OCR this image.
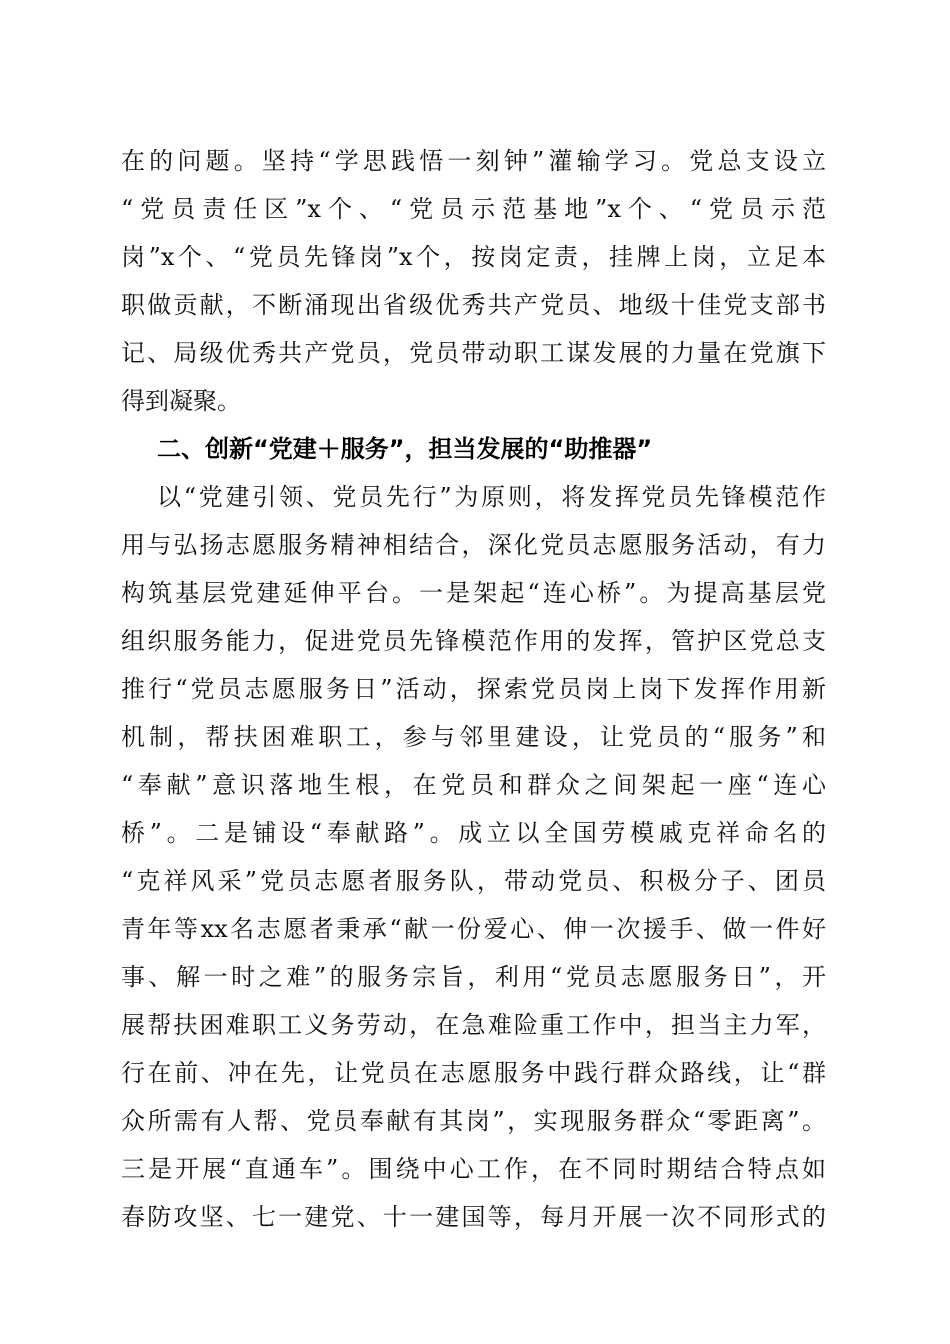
在的问题。坚持“学思践悟一刻钟”灌输学习。党总支设立
“党员责任区”x个、“党员示范基地”x个、“党员示范
岗”x个、“党员先锋岗”x个，按岗定责，挂牌上岗，立足本
职做贡献，不断涌现出省级优秀共产党员、地级十佳党支部书
记、局级优秀共产党员，党员带动职工谋发展的力量在党旗下
得到凝聚。
二、创新“党建＋服务”，担当发展的“助推器”
以“党建引领、党员先行”为原则，将发挥党员先锋模范作
用与弘扬志愿服务精神相结合，深化党员志愿服务活动，有力
构筑基层党建延伸平台。一是架起“连心桥”。为提高基层党
组织服务能力，促进党员先锋模范作用的发挥，管护区党总支
推行“党员志愿服务日”活动，探索党员岗上岗下发挥作用新
机制，帮扶困难职工，参与邻里建设，让党员的“服务”和
“奉献”意识落地生根，在党员和群众之间架起一座“连心
桥”。二是铺设“奉献路”。成立以全国劳模戚克祥命名的
“克祥风采”党员志愿者服务队，带动党员、积极分子、团员
青年等xx名志愿者秉承“献一份爱心、伸一次援手、做一件好
事、解一时之难”的服务宗旨，利用“党员志愿服务日”，开
展帮扶困难职工义务劳动，在急难险重工作中，担当主力军，
行在前、冲在先，让党员在志愿服务中践行群众路线，让“群
众所需有人帮、党员奉献有其岗”，实现服务群众“零距离”。
三是开展“直通车”。围绕中心工作，在不同时期结合特点如
春防攻坚、七一建党、十一建国等，每月开展一次不同形式的
